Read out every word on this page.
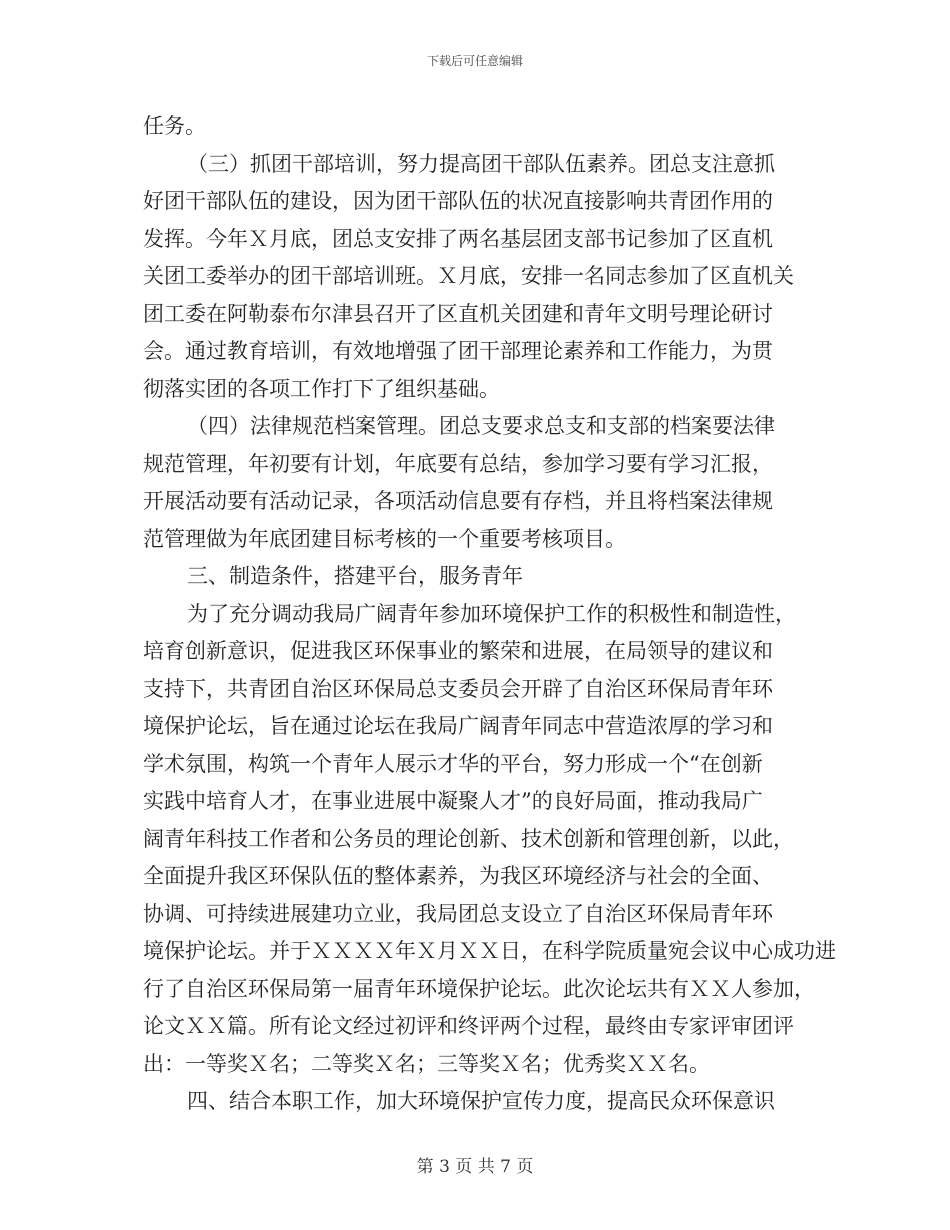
下载后可任意编辑
任务。
（三）抓团干部培训，努力提高团干部队伍素养。团总支注意抓
好团干部队伍的建设，因为团干部队伍的状况直接影响共青团作用的
发挥。今年Ｘ月底，团总支安排了两名基层团支部书记参加了区直机
关团工委举办的团干部培训班。Ｘ月底，安排一名同志参加了区直机关
团工委在阿勒泰布尔津县召开了区直机关团建和青年文明号理论研讨
会。通过教育培训，有效地增强了团干部理论素养和工作能力，为贯
彻落实团的各项工作打下了组织基础。
（四）法律规范档案管理。团总支要求总支和支部的档案要法律
规范管理，年初要有计划，年底要有总结，参加学习要有学习汇报，
开展活动要有活动记录，各项活动信息要有存档，并且将档案法律规
范管理做为年底团建目标考核的一个重要考核项目。
三、制造条件，搭建平台，服务青年
为了充分调动我局广阔青年参加环境保护工作的积极性和制造性，
培育创新意识，促进我区环保事业的繁荣和进展，在局领导的建议和
支持下，共青团自治区环保局总支委员会开辟了自治区环保局青年环
境保护论坛，旨在通过论坛在我局广阔青年同志中营造浓厚的学习和
学术氛围，构筑一个青年人展示才华的平台，努力形成一个“在创新
实践中培育人才，在事业进展中凝聚人才”的良好局面，推动我局广
阔青年科技工作者和公务员的理论创新、技术创新和管理创新，以此，
全面提升我区环保队伍的整体素养，为我区环境经济与社会的全面、
协调、可持续进展建功立业，我局团总支设立了自治区环保局青年环
境保护论坛。并于ＸＸＸＸ年Ｘ月ＸＸ日，在科学院质量宛会议中心成功进
行了自治区环保局第一届青年环境保护论坛。此次论坛共有ＸＸ人参加，
论文ＸＸ篇。所有论文经过初评和终评两个过程，最终由专家评审团评
出：一等奖Ｘ名；二等奖Ｘ名；三等奖Ｘ名；优秀奖ＸＸ名。
四、结合本职工作，加大环境保护宣传力度，提高民众环保意识
第 3 页 共 7 页
